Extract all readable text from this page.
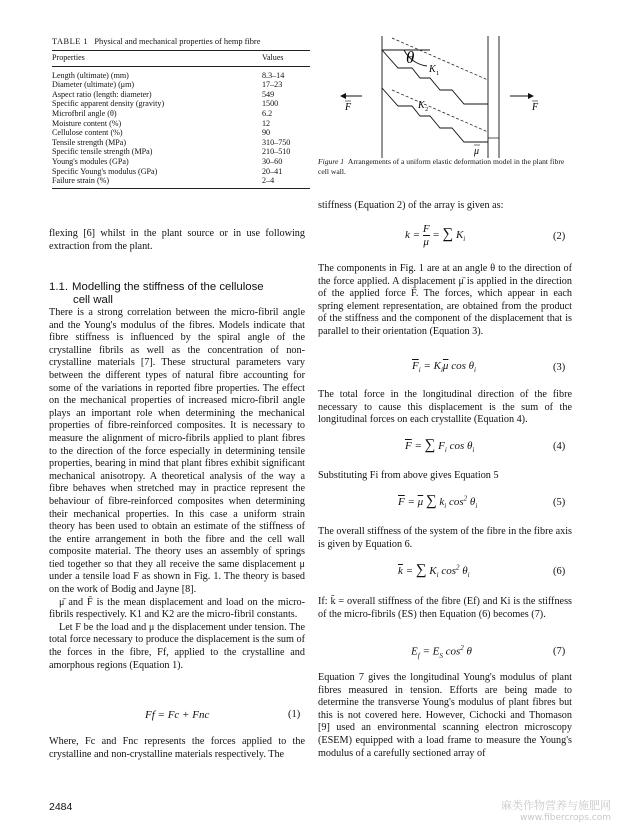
TABLE 1 Physical and mechanical properties of hemp fibre
Properties	Values
Length (ultimate) (mm)	8.3–14
Diameter (ultimate) (μm)	17–23
Aspect ratio (length: diameter)	549
Specific apparent density (gravity)	1500
Microfbril angle (θ)	6.2
Moisture content (%)	12
Cellulose content (%)	90
Tensile strength (MPa)	310–750
Specific tensile strength (MPa)	210–510
Young's modules (GPa)	30–60
Specific Young's modulus (GPa)	20–41
Failure strain (%)	2–4
θ
K 1
K 2
F	F
μ
Figure 1 Arrangements of a uniform elastic deformation model in the plant fibre cell wall.

flexing [6] whilst in the plant source or in use following extraction from the plant.

1.1. Modelling the stiffness of the cellulose
cell wall

There is a strong correlation between the micro-fibril angle and the Young's modulus of the fibres. Models indicate that fibre stiffness is influenced by the spiral angle of the crystalline fibrils as well as the concentration of non-crystalline materials [7]. These structural parameters vary between the different types of natural fibre accounting for some of the variations in reported fibre properties. The effect on the mechanical properties of increased micro-fibril angle plays an important role when determining the mechanical properties of fibre-reinforced composites. It is necessary to measure the alignment of micro-fibrils applied to plant fibres to the direction of the force especially in determining tensile properties, bearing in mind that plant fibres exhibit significant mechanical anisotropy. A theoretical analysis of the way a fibre behaves when stretched may in practice represent the behaviour of fibre-reinforced composites when determining their mechanical properties. In this case a uniform strain theory has been used to obtain an estimate of the stiffness of the entire arrangement in both the fibre and the cell wall composite material. The theory uses an assembly of springs tied together so that they all receive the same displacement μ under a tensile load F as shown in Fig. 1. The theory is based on the work of Bodig and Jayne [8].

μ̄ and F̄ is the mean displacement and load on the micro-fibrils respectively. K1 and K2 are the micro-fibril constants.

Let F be the load and μ the displacement under tension. The total force necessary to produce the displacement is the sum of the forces in the fibre, Ff, applied to the crystalline and amorphous regions (Equation 1).

Ff = Fc + Fnc	(1)

Where, Fc and Fnc represents the forces applied to the crystalline and non-crystalline materials respectively. The

stiffness (Equation 2) of the array is given as:

$k = \frac{F}{\mu}$ = ∑ $K_i$	(2)

The components in Fig. 1 are at an angle θ to the direction of the force applied. A displacement μ̄ is applied in the direction of the applied force F̄. The forces, which appear in each spring element representation, are obtained from the product of the stiffness and the component of the displacement that is parallel to their orientation (Equation 3).

$\overline{F}_i = K_i\overline{\mu}$ $\cos \theta_i$	(3)

The total force in the longitudinal direction of the fibre necessary to cause this displacement is the sum of the longitudinal forces on each crystallite (Equation 4).

$\overline{F}$ = ∑ $F_i$ $\cos \theta_i$	(4)

Substituting Fi from above gives Equation 5

$\overline{F} = \overline{\mu}$ ∑ $k_i$ $\cos^2 \theta_i$	(5)

The overall stiffness of the system of the fibre in the fibre axis is given by Equation 6.

$\overline{k}$ = ∑ $K_i$ $\cos^2 \theta_i$	(6)

If: k̄ = overall stiffness of the fibre (Ef) and Ki is the stiffness of the micro-fibrils (ES) then Equation (6) becomes (7).

$E_f = E_S$ $\cos^2 \theta$	(7)

Equation 7 gives the longitudinal Young's modulus of plant fibres measured in tension. Efforts are being made to determine the transverse Young's modulus of plant fibres but this is not covered here. However, Cichocki and Thomason [9] used an environmental scanning electron microscopy (ESEM) equipped with a load frame to measure the Young's modulus of a carefully sectioned array of

2484	麻类作物营养与施肥网
www.fibercrops.com
